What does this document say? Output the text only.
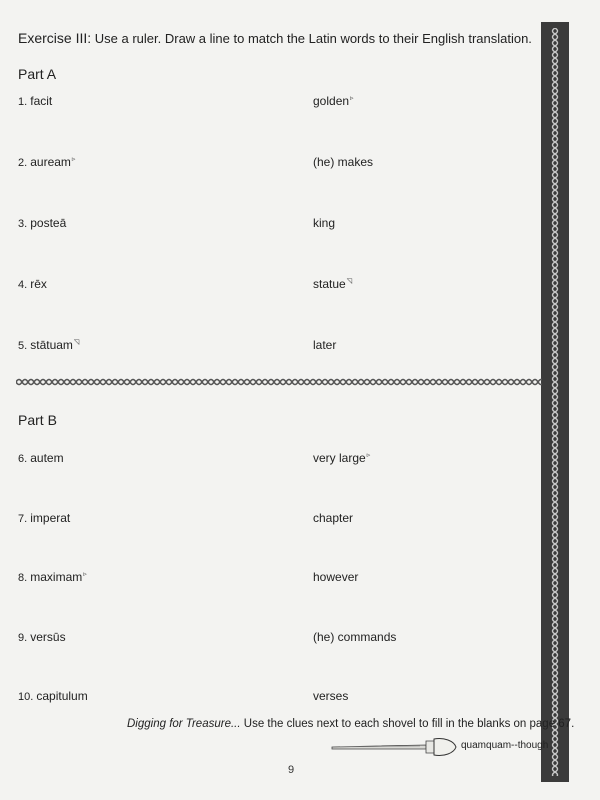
Exercise III: Use a ruler. Draw a line to match the Latin words to their English translation.
Part A
1. facit	golden▹
2. auream▹	(he) makes
3. posteā	king
4. rēx	statue◹
5. stātuam◹	later
Part B
6. autem	very large▹
7. imperat	chapter
8. maximam▹	however
9. versūs	(he) commands
10. capitulum	verses
Digging for Treasure... Use the clues next to each shovel to fill in the blanks on page 67.
quamquam--though
9
